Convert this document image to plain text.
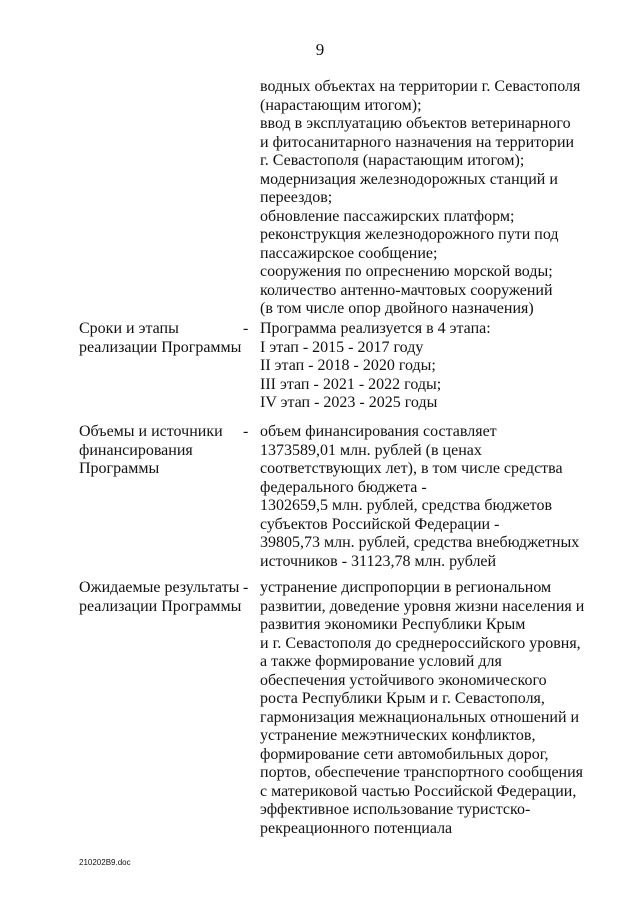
9
водных объектах на территории г. Севастополя
(нарастающим итогом);
ввод в эксплуатацию объектов ветеринарного
и фитосанитарного назначения на территории
г. Севастополя (нарастающим итогом);
модернизация железнодорожных станций и
переездов;
обновление пассажирских платформ;
реконструкция железнодорожного пути под
пассажирское сообщение;
сооружения по опреснению морской воды;
количество антенно-мачтовых сооружений
(в том числе опор двойного назначения)
Сроки и этапы
реализации Программы
- Программа реализуется в 4 этапа:
I этап - 2015 - 2017 году
II этап - 2018 - 2020 годы;
III этап - 2021 - 2022 годы;
IV этап - 2023 - 2025 годы
Объемы и источники
финансирования
Программы
- объем финансирования составляет
1373589,01 млн. рублей (в ценах
соответствующих лет), в том числе средства
федерального бюджета -
1302659,5 млн. рублей, средства бюджетов
субъектов Российской Федерации -
39805,73 млн. рублей, средства внебюджетных
источников - 31123,78 млн. рублей
Ожидаемые результаты
реализации Программы
- устранение диспропорции в региональном
развитии, доведение уровня жизни населения и
развития экономики Республики Крым
и г. Севастополя до среднероссийского уровня,
а также формирование условий для
обеспечения устойчивого экономического
роста Республики Крым и г. Севастополя,
гармонизация межнациональных отношений и
устранение межэтнических конфликтов,
формирование сети автомобильных дорог,
портов, обеспечение транспортного сообщения
с материковой частью Российской Федерации,
эффективное использование туристско-
рекреационного потенциала
210202B9.doc
